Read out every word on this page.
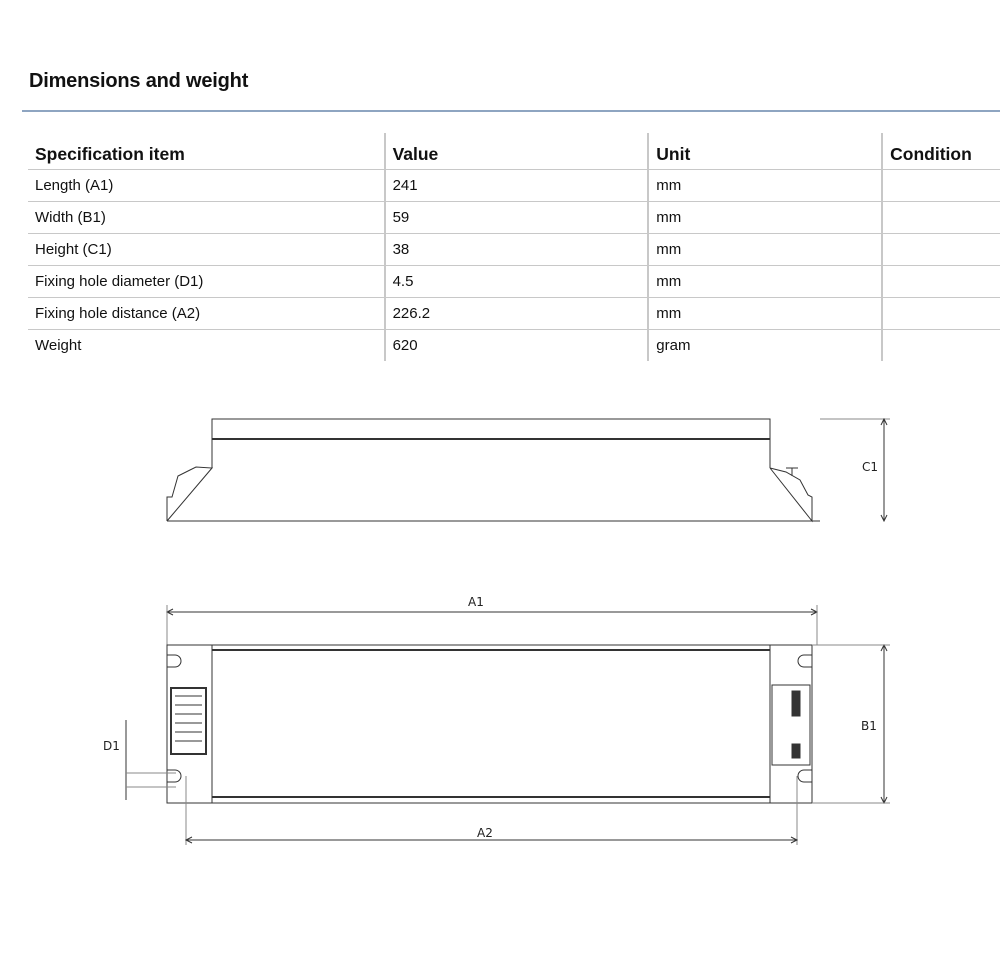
Dimensions and weight
Specification item	Value	Unit	Condition
Length (A1)	241	mm	
Width (B1)	59	mm	
Height (C1)	38	mm	
Fixing hole diameter (D1)	4.5	mm	
Fixing hole distance (A2)	226.2	mm	
Weight	620	gram	
C1
A1
B1
A2
D1
